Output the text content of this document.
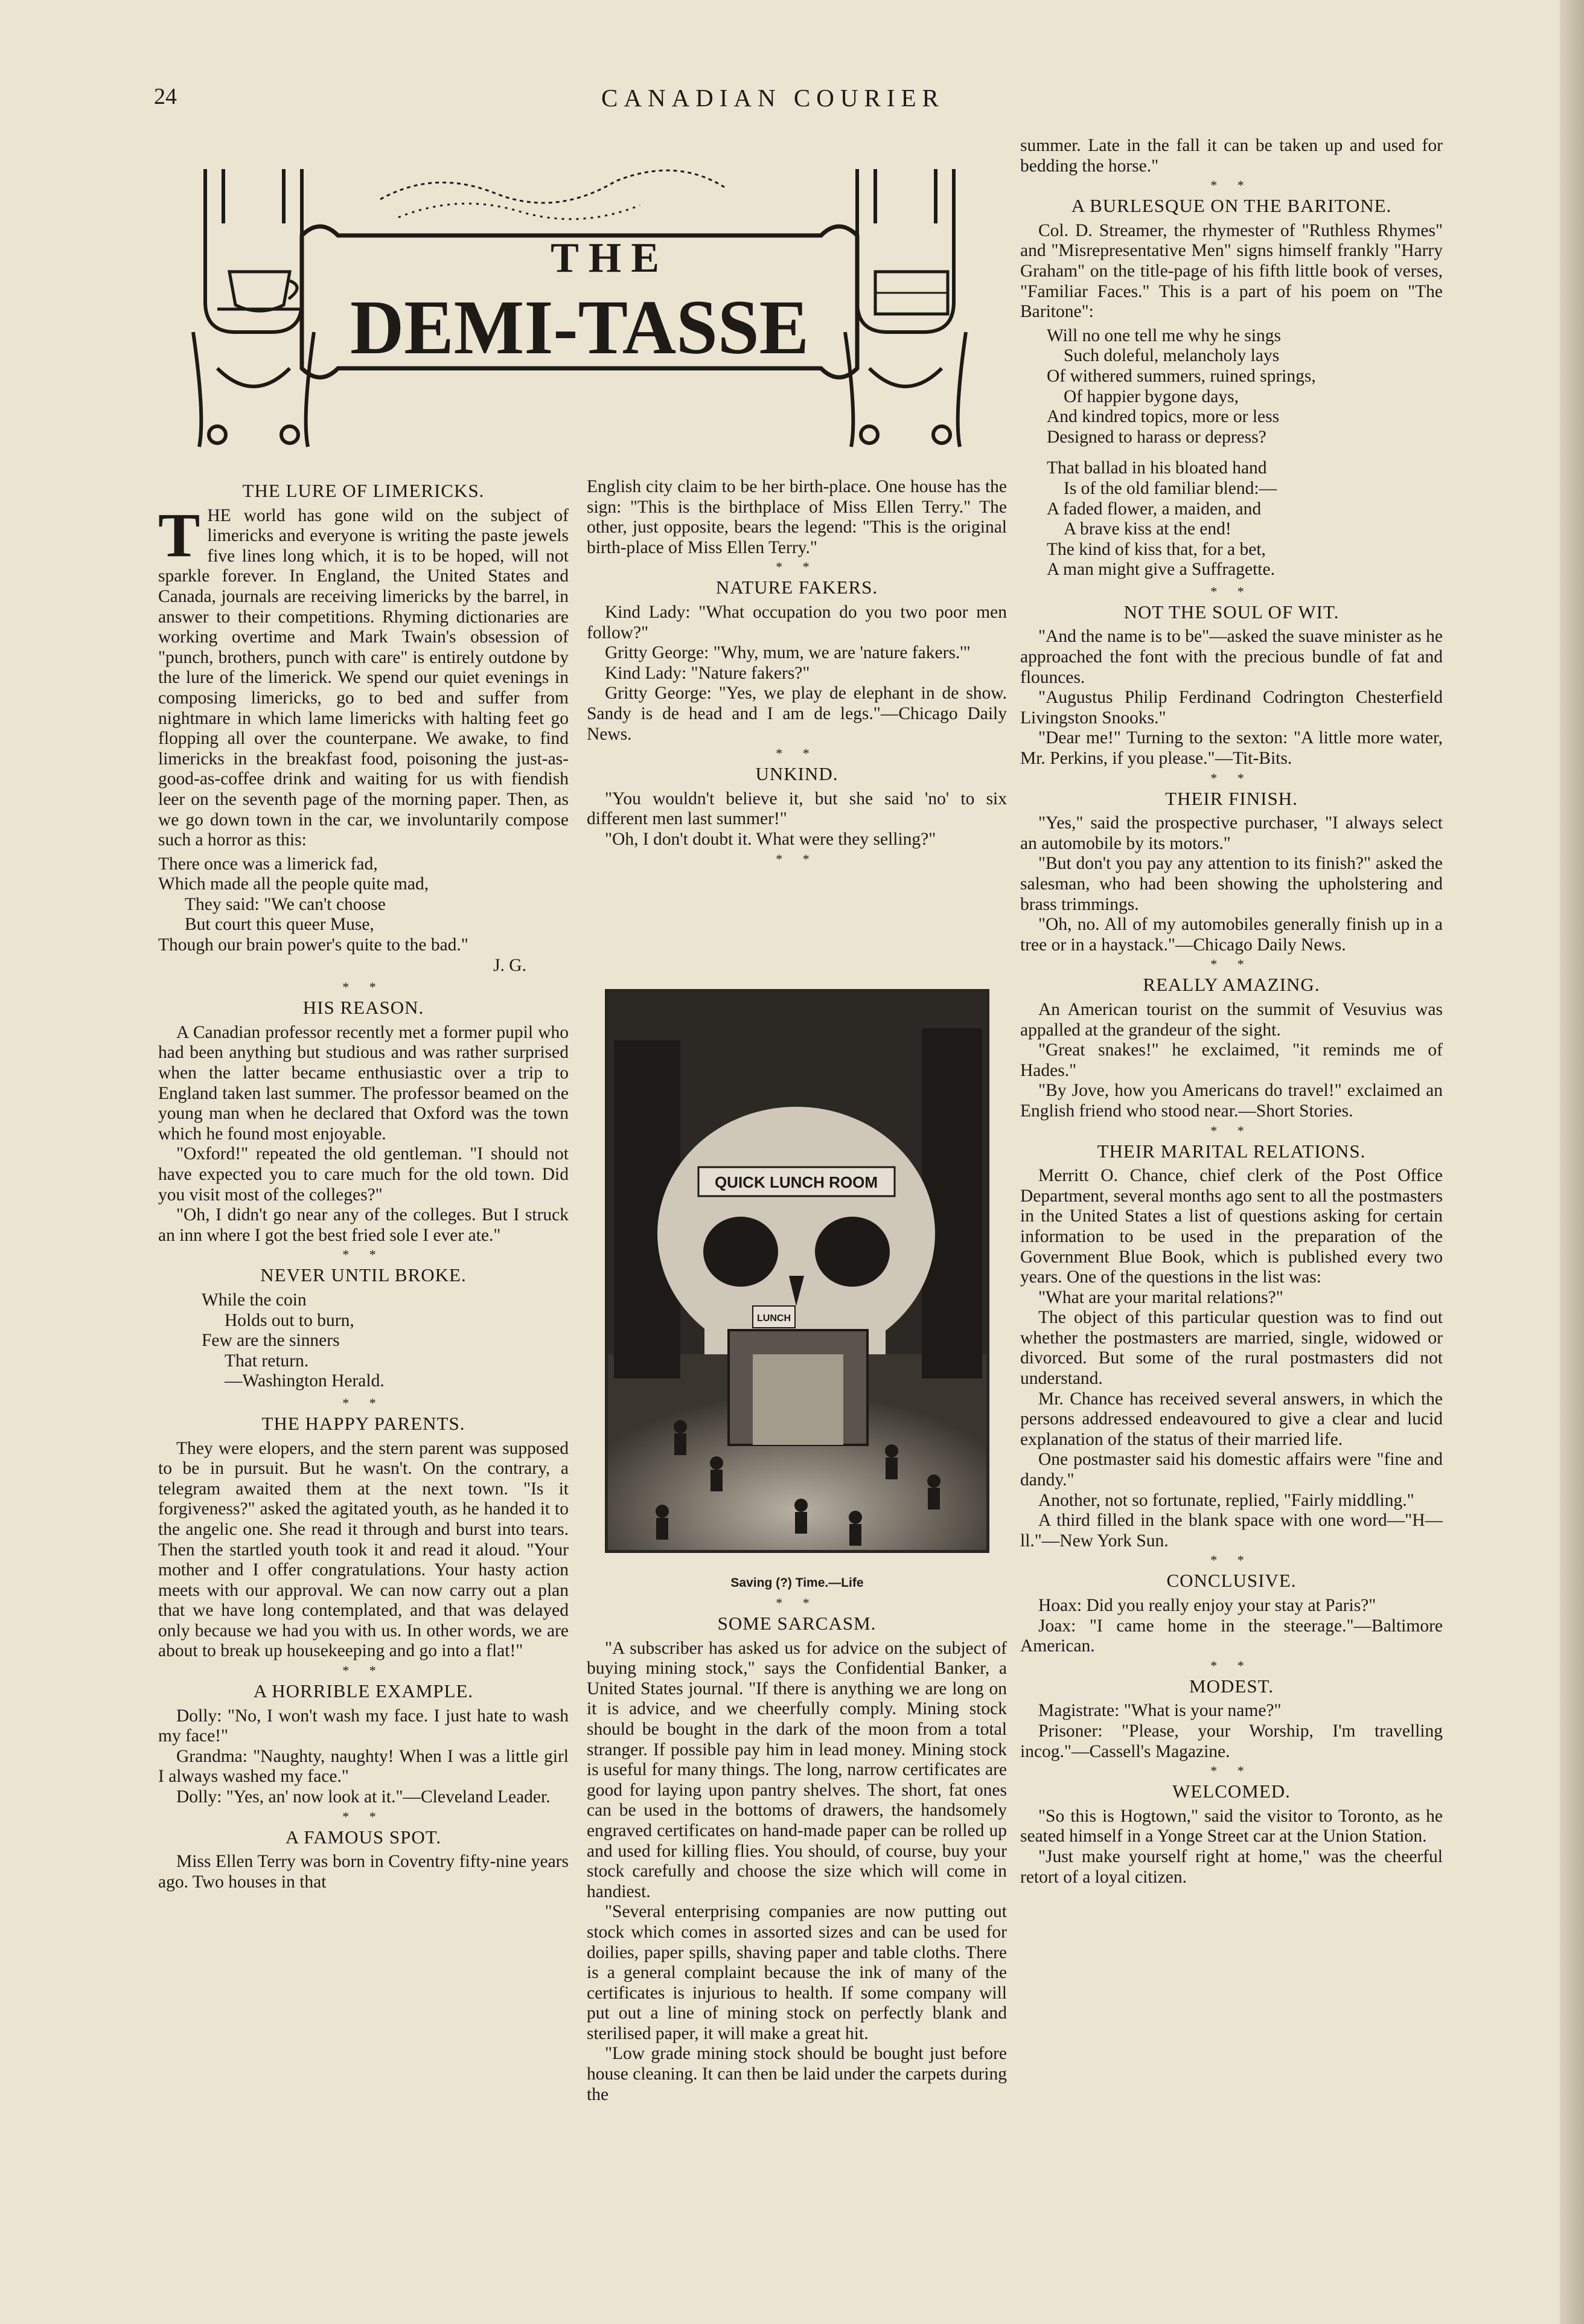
24	CANADIAN COURIER
THE
DEMI-TASSE
THE LURE OF LIMERICKS.

THE world has gone wild on the subject of limericks and everyone is writing the paste jewels five lines long which, it is to be hoped, will not sparkle forever. In England, the United States and Canada, journals are receiving limericks by the barrel, in answer to their competitions. Rhyming dictionaries are working overtime and Mark Twain's obsession of "punch, brothers, punch with care" is entirely outdone by the lure of the limerick. We spend our quiet evenings in composing limericks, go to bed and suffer from nightmare in which lame limericks with halting feet go flopping all over the counterpane. We awake, to find limericks in the breakfast food, poisoning the just-as-good-as-coffee drink and waiting for us with fiendish leer on the seventh page of the morning paper. Then, as we go down town in the car, we involuntarily compose such a horror as this:

There once was a limerick fad,
Which made all the people quite mad,
They said: "We can't choose
But court this queer Muse,
Though our brain power's quite to the bad."
J. G.
* *
HIS REASON.

A Canadian professor recently met a former pupil who had been anything but studious and was rather surprised when the latter became enthusiastic over a trip to England taken last summer. The professor beamed on the young man when he declared that Oxford was the town which he found most enjoyable.

"Oxford!" repeated the old gentleman. "I should not have expected you to care much for the old town. Did you visit most of the colleges?"

"Oh, I didn't go near any of the colleges. But I struck an inn where I got the best fried sole I ever ate."

* *
NEVER UNTIL BROKE.
While the coin
Holds out to burn,
Few are the sinners
That return.
—Washington Herald.
* *
THE HAPPY PARENTS.

They were elopers, and the stern parent was supposed to be in pursuit. But he wasn't. On the contrary, a telegram awaited them at the next town. "Is it forgiveness?" asked the agitated youth, as he handed it to the angelic one. She read it through and burst into tears. Then the startled youth took it and read it aloud. "Your mother and I offer congratulations. Your hasty action meets with our approval. We can now carry out a plan that we have long contemplated, and that was delayed only because we had you with us. In other words, we are about to break up housekeeping and go into a flat!"

* *
A HORRIBLE EXAMPLE.

Dolly: "No, I won't wash my face. I just hate to wash my face!"

Grandma: "Naughty, naughty! When I was a little girl I always washed my face."

Dolly: "Yes, an' now look at it."—Cleveland Leader.

* *
A FAMOUS SPOT.

Miss Ellen Terry was born in Coventry fifty-nine years ago. Two houses in that

English city claim to be her birth-place. One house has the sign: "This is the birthplace of Miss Ellen Terry." The other, just opposite, bears the legend: "This is the original birth-place of Miss Ellen Terry."

* *
NATURE FAKERS.

Kind Lady: "What occupation do you two poor men follow?"

Gritty George: "Why, mum, we are 'nature fakers.'"

Kind Lady: "Nature fakers?"

Gritty George: "Yes, we play de elephant in de show. Sandy is de head and I am de legs."—Chicago Daily News.

* *
UNKIND.

"You wouldn't believe it, but she said 'no' to six different men last summer!"

"Oh, I don't doubt it. What were they selling?"

* *
QUICK LUNCH ROOM
LUNCH
Saving (?) Time.—Life
* *
SOME SARCASM.

"A subscriber has asked us for advice on the subject of buying mining stock," says the Confidential Banker, a United States journal. "If there is anything we are long on it is advice, and we cheerfully comply. Mining stock should be bought in the dark of the moon from a total stranger. If possible pay him in lead money. Mining stock is useful for many things. The long, narrow certificates are good for laying upon pantry shelves. The short, fat ones can be used in the bottoms of drawers, the handsomely engraved certificates on hand-made paper can be rolled up and used for killing flies. You should, of course, buy your stock carefully and choose the size which will come in handiest.

"Several enterprising companies are now putting out stock which comes in assorted sizes and can be used for doilies, paper spills, shaving paper and table cloths. There is a general complaint because the ink of many of the certificates is injurious to health. If some company will put out a line of mining stock on perfectly blank and sterilised paper, it will make a great hit.

"Low grade mining stock should be bought just before house cleaning. It can then be laid under the carpets during the

summer. Late in the fall it can be taken up and used for bedding the horse."

* *
A BURLESQUE ON THE BARITONE.

Col. D. Streamer, the rhymester of "Ruthless Rhymes" and "Misrepresentative Men" signs himself frankly "Harry Graham" on the title-page of his fifth little book of verses, "Familiar Faces." This is a part of his poem on "The Baritone":

Will no one tell me why he sings
Such doleful, melancholy lays
Of withered summers, ruined springs,
Of happier bygone days,
And kindred topics, more or less
Designed to harass or depress?
That ballad in his bloated hand
Is of the old familiar blend:—
A faded flower, a maiden, and
A brave kiss at the end!
The kind of kiss that, for a bet,
A man might give a Suffragette.
* *
NOT THE SOUL OF WIT.

"And the name is to be"—asked the suave minister as he approached the font with the precious bundle of fat and flounces.

"Augustus Philip Ferdinand Codrington Chesterfield Livingston Snooks."

"Dear me!" Turning to the sexton: "A little more water, Mr. Perkins, if you please."—Tit-Bits.

* *
THEIR FINISH.

"Yes," said the prospective purchaser, "I always select an automobile by its motors."

"But don't you pay any attention to its finish?" asked the salesman, who had been showing the upholstering and brass trimmings.

"Oh, no. All of my automobiles generally finish up in a tree or in a haystack."—Chicago Daily News.

* *
REALLY AMAZING.

An American tourist on the summit of Vesuvius was appalled at the grandeur of the sight.

"Great snakes!" he exclaimed, "it reminds me of Hades."

"By Jove, how you Americans do travel!" exclaimed an English friend who stood near.—Short Stories.

* *
THEIR MARITAL RELATIONS.

Merritt O. Chance, chief clerk of the Post Office Department, several months ago sent to all the postmasters in the United States a list of questions asking for certain information to be used in the preparation of the Government Blue Book, which is published every two years. One of the questions in the list was:

"What are your marital relations?"

The object of this particular question was to find out whether the postmasters are married, single, widowed or divorced. But some of the rural postmasters did not understand.

Mr. Chance has received several answers, in which the persons addressed endeavoured to give a clear and lucid explanation of the status of their married life.

One postmaster said his domestic affairs were "fine and dandy."

Another, not so fortunate, replied, "Fairly middling."

A third filled in the blank space with one word—"H—ll."—New York Sun.

* *
CONCLUSIVE.

Hoax: Did you really enjoy your stay at Paris?"

Joax: "I came home in the steerage."—Baltimore American.

* *
MODEST.

Magistrate: "What is your name?"

Prisoner: "Please, your Worship, I'm travelling incog."—Cassell's Magazine.

* *
WELCOMED.

"So this is Hogtown," said the visitor to Toronto, as he seated himself in a Yonge Street car at the Union Station.

"Just make yourself right at home," was the cheerful retort of a loyal citizen.
